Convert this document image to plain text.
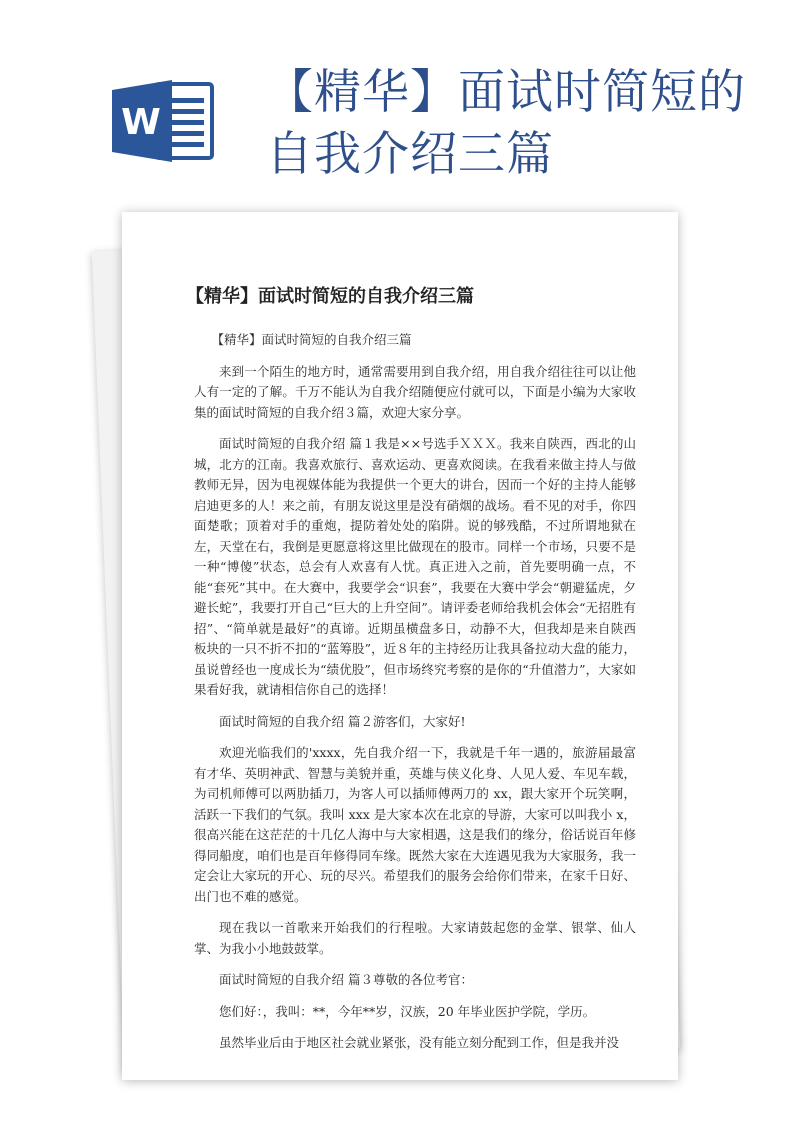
W
【精华】面试时简短的
自我介绍三篇
【精华】面试时简短的自我介绍三篇

【精华】面试时简短的自我介绍三篇

来到一个陌生的地方时，通常需要用到自我介绍，用自我介绍往往可以让他人有一定的了解。千万不能认为自我介绍随便应付就可以，下面是小编为大家收集的面试时简短的自我介绍３篇，欢迎大家分享。

面试时简短的自我介绍 篇１我是××号选手ＸＸＸ。我来自陕西，西北的山城，北方的江南。我喜欢旅行、喜欢运动、更喜欢阅读。在我看来做主持人与做教师无异，因为电视媒体能为我提供一个更大的讲台，因而一个好的主持人能够启迪更多的人！来之前，有朋友说这里是没有硝烟的战场。看不见的对手，你四面楚歌；顶着对手的重炮，提防着处处的陷阱。说的够残酷，不过所谓地狱在左，天堂在右，我倒是更愿意将这里比做现在的股市。同样一个市场，只要不是一种“博傻”状态，总会有人欢喜有人忧。真正进入之前，首先要明确一点，不能“套死”其中。在大赛中，我要学会“识套”，我要在大赛中学会“朝避猛虎，夕避长蛇”，我要打开自己“巨大的上升空间”。请评委老师给我机会体会“无招胜有招”、“简单就是最好”的真谛。近期虽横盘多日，动静不大，但我却是来自陕西板块的一只不折不扣的“蓝筹股”，近８年的主持经历让我具备拉动大盘的能力，虽说曾经也一度成长为“绩优股”，但市场终究考察的是你的“升值潜力”，大家如果看好我，就请相信你自己的选择！

面试时简短的自我介绍 篇２游客们，大家好!

欢迎光临我们的'xxxx，先自我介绍一下，我就是千年一遇的，旅游届最富有才华、英明神武、智慧与美貌并重，英雄与侠义化身、人见人爱、车见车载，为司机师傅可以两肋插刀，为客人可以插师傅两刀的 xx，跟大家开个玩笑啊，活跃一下我们的气氛。我叫 xxx 是大家本次在北京的导游，大家可以叫我小 x，很高兴能在这茫茫的十几亿人海中与大家相遇，这是我们的缘分，俗话说百年修得同船度，咱们也是百年修得同车缘。既然大家在大连遇见我为大家服务，我一定会让大家玩的开心、玩的尽兴。希望我们的服务会给你们带来，在家千日好、出门也不难的感觉。

现在我以一首歌来开始我们的行程啦。大家请鼓起您的金掌、银掌、仙人掌、为我小小地鼓鼓掌。

面试时简短的自我介绍 篇３尊敬的各位考官：

您们好：，我叫：**，今年**岁，汉族，20 年毕业医护学院，学历。

虽然毕业后由于地区社会就业紧张，没有能立刻分配到工作，但是我并没
